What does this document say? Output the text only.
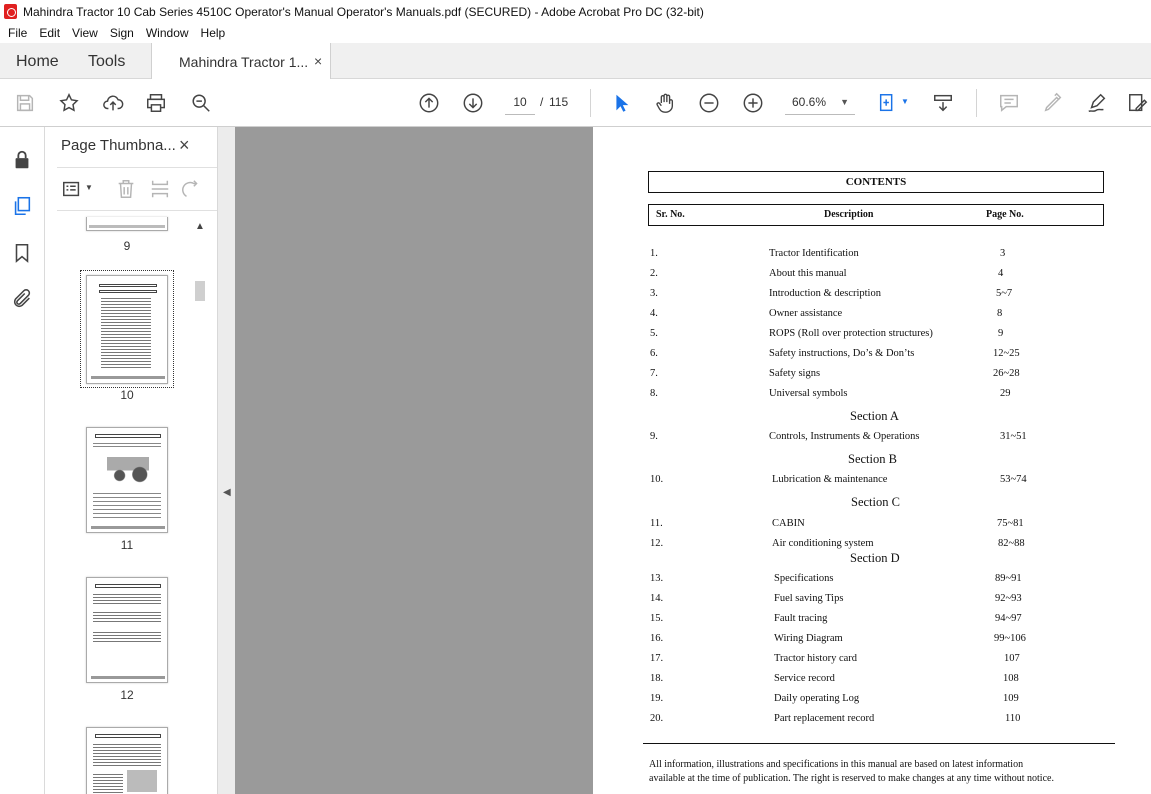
Mahindra Tractor 10 Cab Series 4510C Operator's Manual Operator's Manuals.pdf (SECURED) - Adobe Acrobat Pro DC (32-bit)
File	Edit	View	Sign	Window	Help
Home Tools	Mahindra Tractor 1... ×
10	/ 115	60.6% ▼	▼
Page Thumbna... ×
▼
▲
9
10
11
12
◀
CONTENTS
Sr. No.	Description	Page No.
1.	Tractor Identification	3
2.	About this manual	4
3.	Introduction & description	5~7
4.	Owner assistance	8
5.	ROPS (Roll over protection structures)	9
6.	Safety instructions, Do’s & Don’ts	12~25
7.	Safety signs	26~28
8.	Universal symbols	29
Section A
9.	Controls, Instruments & Operations	31~51
Section B
10.	Lubrication & maintenance	53~74
Section C
11.	CABIN	75~81
12.	Air conditioning system	82~88
Section D
13.	Specifications	89~91
14.	Fuel saving Tips	92~93
15.	Fault tracing	94~97
16.	Wiring Diagram	99~106
17.	Tractor history card	107
18.	Service record	108
19.	Daily operating Log	109
20.	Part replacement record	110
All information, illustrations and specifications in this manual are based on latest information
available at the time of publication. The right is reserved to make changes at any time without notice.
